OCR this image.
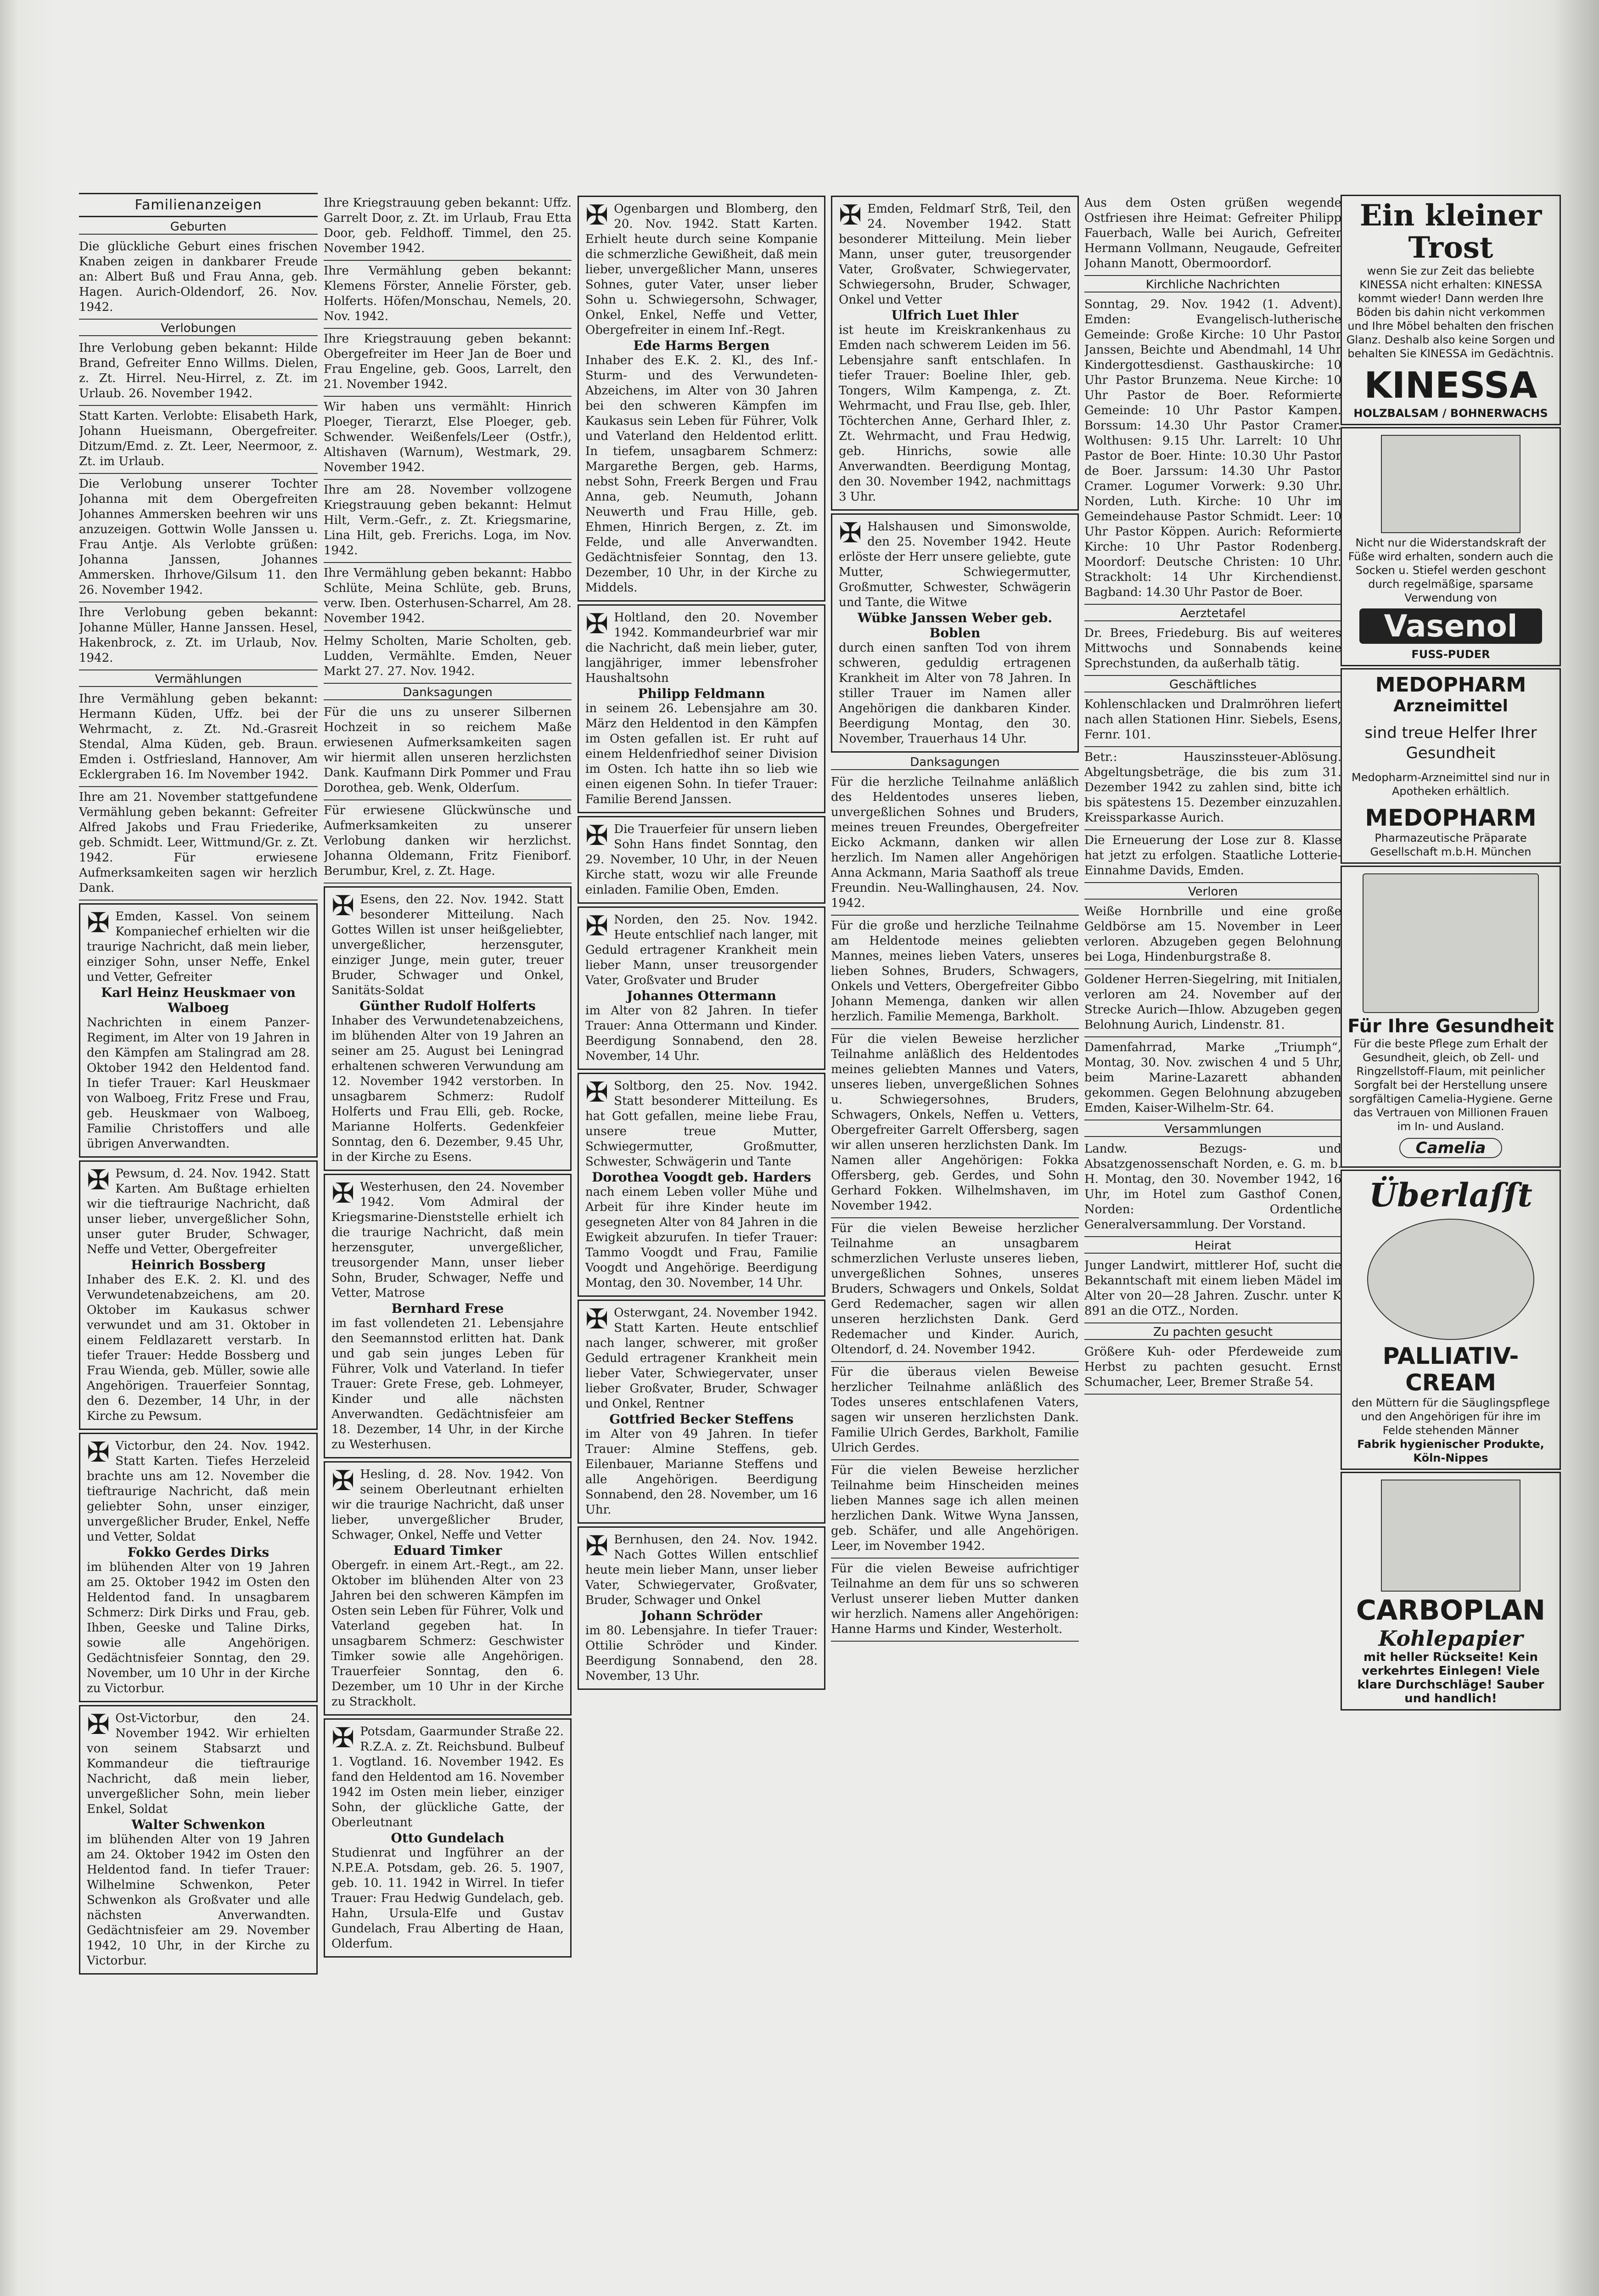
Familienanzeigen
Geburten
Die glückliche Geburt eines frischen Knaben zeigen in dankbarer Freude an: Albert Buß und Frau Anna, geb. Hagen. Aurich-Oldendorf, 26. Nov. 1942.
Verlobungen
Ihre Verlobung geben bekannt: Hilde Brand, Gefreiter Enno Willms. Dielen, z. Zt. Hirrel. Neu-Hirrel, z. Zt. im Urlaub. 26. November 1942.
Statt Karten. Verlobte: Elisabeth Hark, Johann Hueismann, Obergefreiter. Ditzum/Emd. z. Zt. Leer, Neermoor, z. Zt. im Urlaub.
Die Verlobung unserer Tochter Johanna mit dem Obergefreiten Johannes Ammersken beehren wir uns anzuzeigen. Gottwin Wolle Janssen u. Frau Antje. Als Verlobte grüßen: Johanna Janssen, Johannes Ammersken. Ihrhove/Gilsum 11. den 26. November 1942.
Ihre Verlobung geben bekannt: Johanne Müller, Hanne Janssen. Hesel, Hakenbrock, z. Zt. im Urlaub, Nov. 1942.
Vermählungen
Ihre Vermählung geben bekannt: Hermann Küden, Uffz. bei der Wehrmacht, z. Zt. Nd.-Grasreit Stendal, Alma Küden, geb. Braun. Emden i. Ostfriesland, Hannover, Am Ecklergraben 16. Im November 1942.
Ihre am 21. November stattgefundene Vermählung geben bekannt: Gefreiter Alfred Jakobs und Frau Friederike, geb. Schmidt. Leer, Wittmund/Gr. z. Zt. 1942. Für erwiesene Aufmerksamkeiten sagen wir herzlich Dank.
✠ Emden, Kassel. Von seinem Kompaniechef erhielten wir die traurige Nachricht, daß mein lieber, einziger Sohn, unser Neffe, Enkel und Vetter, Gefreiter
Karl Heinz Heuskmaer von Walboeg
Nachrichten in einem Panzer-Regiment, im Alter von 19 Jahren in den Kämpfen am Stalingrad am 28. Oktober 1942 den Heldentod fand. In tiefer Trauer: Karl Heuskmaer von Walboeg, Fritz Frese und Frau, geb. Heuskmaer von Walboeg, Familie Christoffers und alle übrigen Anverwandten.
✠ Pewsum, d. 24. Nov. 1942. Statt Karten. Am Bußtage erhielten wir die tieftraurige Nachricht, daß unser lieber, unvergeßlicher Sohn, unser guter Bruder, Schwager, Neffe und Vetter, Obergefreiter
Heinrich Bossberg
Inhaber des E.K. 2. Kl. und des Verwundetenabzeichens, am 20. Oktober im Kaukasus schwer verwundet und am 31. Oktober in einem Feldlazarett verstarb. In tiefer Trauer: Hedde Bossberg und Frau Wienda, geb. Müller, sowie alle Angehörigen. Trauerfeier Sonntag, den 6. Dezember, 14 Uhr, in der Kirche zu Pewsum.
✠ Victorbur, den 24. Nov. 1942. Statt Karten. Tiefes Herzeleid brachte uns am 12. November die tieftraurige Nachricht, daß mein geliebter Sohn, unser einziger, unvergeßlicher Bruder, Enkel, Neffe und Vetter, Soldat
Fokko Gerdes Dirks
im blühenden Alter von 19 Jahren am 25. Oktober 1942 im Osten den Heldentod fand. In unsagbarem Schmerz: Dirk Dirks und Frau, geb. Ihben, Geeske und Taline Dirks, sowie alle Angehörigen. Gedächtnisfeier Sonntag, den 29. November, um 10 Uhr in der Kirche zu Victorbur.
✠ Ost-Victorbur, den 24. November 1942. Wir erhielten von seinem Stabsarzt und Kommandeur die tieftraurige Nachricht, daß mein lieber, unvergeßlicher Sohn, mein lieber Enkel, Soldat
Walter Schwenkon
im blühenden Alter von 19 Jahren am 24. Oktober 1942 im Osten den Heldentod fand. In tiefer Trauer: Wilhelmine Schwenkon, Peter Schwenkon als Großvater und alle nächsten Anverwandten. Gedächtnisfeier am 29. November 1942, 10 Uhr, in der Kirche zu Victorbur.
Ihre Kriegstrauung geben bekannt: Uffz. Garrelt Door, z. Zt. im Urlaub, Frau Etta Door, geb. Feldhoff. Timmel, den 25. November 1942.
Ihre Vermählung geben bekannt: Klemens Förster, Annelie Förster, geb. Holferts. Höfen/Monschau, Nemels, 20. Nov. 1942.
Ihre Kriegstrauung geben bekannt: Obergefreiter im Heer Jan de Boer und Frau Engeline, geb. Goos, Larrelt, den 21. November 1942.
Wir haben uns vermählt: Hinrich Ploeger, Tierarzt, Else Ploeger, geb. Schwender. Weißenfels/Leer (Ostfr.), Altishaven (Warnum), Westmark, 29. November 1942.
Ihre am 28. November vollzogene Kriegstrauung geben bekannt: Helmut Hilt, Verm.-Gefr., z. Zt. Kriegsmarine, Lina Hilt, geb. Frerichs. Loga, im Nov. 1942.
Ihre Vermählung geben bekannt: Habbo Schlüte, Meina Schlüte, geb. Bruns, verw. Iben. Osterhusen-Scharrel, Am 28. November 1942.
Helmy Scholten, Marie Scholten, geb. Ludden, Vermählte. Emden, Neuer Markt 27. 27. Nov. 1942.
Danksagungen
Für die uns zu unserer Silbernen Hochzeit in so reichem Maße erwiesenen Aufmerksamkeiten sagen wir hiermit allen unseren herzlichsten Dank. Kaufmann Dirk Pommer und Frau Dorothea, geb. Wenk, Olderſum.
Für erwiesene Glückwünsche und Aufmerksamkeiten zu unserer Verlobung danken wir herzlichst. Johanna Oldemann, Fritz Fieniborf. Berumbur, Krel, z. Zt. Hage.
✠ Esens, den 22. Nov. 1942. Statt besonderer Mitteilung. Nach Gottes Willen ist unser heißgeliebter, unvergeßlicher, herzensguter, einziger Junge, mein guter, treuer Bruder, Schwager und Onkel, Sanitäts-Soldat
Günther Rudolf Holferts
Inhaber des Verwundetenabzeichens, im blühenden Alter von 19 Jahren an seiner am 25. August bei Leningrad erhaltenen schweren Verwundung am 12. November 1942 verstorben. In unsagbarem Schmerz: Rudolf Holferts und Frau Elli, geb. Rocke, Marianne Holferts. Gedenkfeier Sonntag, den 6. Dezember, 9.45 Uhr, in der Kirche zu Esens.
✠ Westerhusen, den 24. November 1942. Vom Admiral der Kriegsmarine-Dienststelle erhielt ich die traurige Nachricht, daß mein herzensguter, unvergeßlicher, treusorgender Mann, unser lieber Sohn, Bruder, Schwager, Neffe und Vetter, Matrose
Bernhard Frese
im fast vollendeten 21. Lebensjahre den Seemannstod erlitten hat. Dank und gab sein junges Leben für Führer, Volk und Vaterland. In tiefer Trauer: Grete Frese, geb. Lohmeyer, Kinder und alle nächsten Anverwandten. Gedächtnisfeier am 18. Dezember, 14 Uhr, in der Kirche zu Westerhusen.
✠ Hesling, d. 28. Nov. 1942. Von seinem Oberleutnant erhielten wir die traurige Nachricht, daß unser lieber, unvergeßlicher Bruder, Schwager, Onkel, Neffe und Vetter
Eduard Timker
Obergefr. in einem Art.-Regt., am 22. Oktober im blühenden Alter von 23 Jahren bei den schweren Kämpfen im Osten sein Leben für Führer, Volk und Vaterland gegeben hat. In unsagbarem Schmerz: Geschwister Timker sowie alle Angehörigen. Trauerfeier Sonntag, den 6. Dezember, um 10 Uhr in der Kirche zu Strackholt.
✠ Potsdam, Gaarmunder Straße 22. R.Z.A. z. Zt. Reichsbund. Bulbeuf 1. Vogtland. 16. November 1942. Es fand den Heldentod am 16. November 1942 im Osten mein lieber, einziger Sohn, der glückliche Gatte, der Oberleutnant
Otto Gundelach
Studienrat und Ingführer an der N.P.E.A. Potsdam, geb. 26. 5. 1907, geb. 10. 11. 1942 in Wirrel. In tiefer Trauer: Frau Hedwig Gundelach, geb. Hahn, Ursula-Elfe und Gustav Gundelach, Frau Alberting de Haan, Olderfum.
✠ Ogenbargen und Blomberg, den 20. Nov. 1942. Statt Karten. Erhielt heute durch seine Kompanie die schmerzliche Gewißheit, daß mein lieber, unvergeßlicher Mann, unseres Sohnes, guter Vater, unser lieber Sohn u. Schwiegersohn, Schwager, Onkel, Enkel, Neffe und Vetter, Obergefreiter in einem Inf.-Regt.
Ede Harms Bergen
Inhaber des E.K. 2. Kl., des Inf.-Sturm- und des Verwundeten-Abzeichens, im Alter von 30 Jahren bei den schweren Kämpfen im Kaukasus sein Leben für Führer, Volk und Vaterland den Heldentod erlitt. In tiefem, unsagbarem Schmerz: Margarethe Bergen, geb. Harms, nebst Sohn, Freerk Bergen und Frau Anna, geb. Neumuth, Johann Neuwerth und Frau Hille, geb. Ehmen, Hinrich Bergen, z. Zt. im Felde, und alle Anverwandten. Gedächtnisfeier Sonntag, den 13. Dezember, 10 Uhr, in der Kirche zu Middels.
✠ Holtland, den 20. November 1942. Kommandeurbrief war mir die Nachricht, daß mein lieber, guter, langjähriger, immer lebensfroher Haushaltsohn
Philipp Feldmann
in seinem 26. Lebensjahre am 30. März den Heldentod in den Kämpfen im Osten gefallen ist. Er ruht auf einem Heldenfriedhof seiner Division im Osten. Ich hatte ihn so lieb wie einen eigenen Sohn. In tiefer Trauer: Familie Berend Janssen.
✠ Die Trauerfeier für unsern lieben Sohn Hans findet Sonntag, den 29. November, 10 Uhr, in der Neuen Kirche statt, wozu wir alle Freunde einladen. Familie Oben, Emden.
✠ Norden, den 25. Nov. 1942. Heute entschlief nach langer, mit Geduld ertragener Krankheit mein lieber Mann, unser treusorgender Vater, Großvater und Bruder
Johannes Ottermann
im Alter von 82 Jahren. In tiefer Trauer: Anna Ottermann und Kinder. Beerdigung Sonnabend, den 28. November, 14 Uhr.
✠ Soltborg, den 25. Nov. 1942. Statt besonderer Mitteilung. Es hat Gott gefallen, meine liebe Frau, unsere treue Mutter, Schwiegermutter, Großmutter, Schwester, Schwägerin und Tante
Dorothea Voogdt geb. Harders
nach einem Leben voller Mühe und Arbeit für ihre Kinder heute im gesegneten Alter von 84 Jahren in die Ewigkeit abzurufen. In tiefer Trauer: Tammo Voogdt und Frau, Familie Voogdt und Angehörige. Beerdigung Montag, den 30. November, 14 Uhr.
✠ Osterwgant, 24. November 1942. Statt Karten. Heute entschlief nach langer, schwerer, mit großer Geduld ertragener Krankheit mein lieber Vater, Schwiegervater, unser lieber Großvater, Bruder, Schwager und Onkel, Rentner
Gottfried Becker Steffens
im Alter von 49 Jahren. In tiefer Trauer: Almine Steffens, geb. Eilenbauer, Marianne Steffens und alle Angehörigen. Beerdigung Sonnabend, den 28. November, um 16 Uhr.
✠ Bernhusen, den 24. Nov. 1942. Nach Gottes Willen entschlief heute mein lieber Mann, unser lieber Vater, Schwiegervater, Großvater, Bruder, Schwager und Onkel
Johann Schröder
im 80. Lebensjahre. In tiefer Trauer: Ottilie Schröder und Kinder. Beerdigung Sonnabend, den 28. November, 13 Uhr.
✠ Emden, Feldmarſ Strß, Teil, den 24. November 1942. Statt besonderer Mitteilung. Mein lieber Mann, unser guter, treusorgender Vater, Großvater, Schwiegervater, Schwiegersohn, Bruder, Schwager, Onkel und Vetter
Ulfrich Luet Ihler
ist heute im Kreiskrankenhaus zu Emden nach schwerem Leiden im 56. Lebensjahre sanft entschlafen. In tiefer Trauer: Boeline Ihler, geb. Tongers, Wilm Kampenga, z. Zt. Wehrmacht, und Frau Ilse, geb. Ihler, Töchterchen Anne, Gerhard Ihler, z. Zt. Wehrmacht, und Frau Hedwig, geb. Hinrichs, sowie alle Anverwandten. Beerdigung Montag, den 30. November 1942, nachmittags 3 Uhr.
✠ Halshausen und Simonswolde, den 25. November 1942. Heute erlöste der Herr unsere geliebte, gute Mutter, Schwiegermutter, Großmutter, Schwester, Schwägerin und Tante, die Witwe
Wübke Janssen Weber geb. Boblen
durch einen sanften Tod von ihrem schweren, geduldig ertragenen Krankheit im Alter von 78 Jahren. In stiller Trauer im Namen aller Angehörigen die dankbaren Kinder. Beerdigung Montag, den 30. November, Trauerhaus 14 Uhr.
Danksagungen
Für die herzliche Teilnahme anläßlich des Heldentodes unseres lieben, unvergeßlichen Sohnes und Bruders, meines treuen Freundes, Obergefreiter Eicko Ackmann, danken wir allen herzlich. Im Namen aller Angehörigen Anna Ackmann, Maria Saathoff als treue Freundin. Neu-Wallinghausen, 24. Nov. 1942.
Für die große und herzliche Teilnahme am Heldentode meines geliebten Mannes, meines lieben Vaters, unseres lieben Sohnes, Bruders, Schwagers, Onkels und Vetters, Obergefreiter Gibbo Johann Memenga, danken wir allen herzlich. Familie Memenga, Barkholt.
Für die vielen Beweise herzlicher Teilnahme anläßlich des Heldentodes meines geliebten Mannes und Vaters, unseres lieben, unvergeßlichen Sohnes u. Schwiegersohnes, Bruders, Schwagers, Onkels, Neffen u. Vetters, Obergefreiter Garrelt Offersberg, sagen wir allen unseren herzlichsten Dank. Im Namen aller Angehörigen: Fokka Offersberg, geb. Gerdes, und Sohn Gerhard Fokken. Wilhelmshaven, im November 1942.
Für die vielen Beweise herzlicher Teilnahme an unsagbarem schmerzlichen Verluste unseres lieben, unvergeßlichen Sohnes, unseres Bruders, Schwagers und Onkels, Soldat Gerd Redemacher, sagen wir allen unseren herzlichsten Dank. Gerd Redemacher und Kinder. Aurich, Oltendorf, d. 24. November 1942.
Für die überaus vielen Beweise herzlicher Teilnahme anläßlich des Todes unseres entschlafenen Vaters, sagen wir unseren herzlichsten Dank. Familie Ulrich Gerdes, Barkholt, Familie Ulrich Gerdes.
Für die vielen Beweise herzlicher Teilnahme beim Hinscheiden meines lieben Mannes sage ich allen meinen herzlichen Dank. Witwe Wyna Janssen, geb. Schäfer, und alle Angehörigen. Leer, im November 1942.
Für die vielen Beweise aufrichtiger Teilnahme an dem für uns so schweren Verlust unserer lieben Mutter danken wir herzlich. Namens aller Angehörigen: Hanne Harms und Kinder, Westerholt.
Aus dem Osten grüßen wegende Ostfriesen ihre Heimat: Gefreiter Philipp Fauerbach, Walle bei Aurich, Gefreiter Hermann Vollmann, Neugaude, Gefreiter Johann Manott, Obermoordorf.
Kirchliche Nachrichten
Sonntag, 29. Nov. 1942 (1. Advent). Emden: Evangelisch-lutherische Gemeinde: Große Kirche: 10 Uhr Pastor Janssen, Beichte und Abendmahl, 14 Uhr Kindergottesdienst. Gasthauskirche: 10 Uhr Pastor Brunzema. Neue Kirche: 10 Uhr Pastor de Boer. Reformierte Gemeinde: 10 Uhr Pastor Kampen. Borssum: 14.30 Uhr Pastor Cramer. Wolthusen: 9.15 Uhr. Larrelt: 10 Uhr Pastor de Boer. Hinte: 10.30 Uhr Pastor de Boer. Jarssum: 14.30 Uhr Pastor Cramer. Logumer Vorwerk: 9.30 Uhr. Norden, Luth. Kirche: 10 Uhr im Gemeindehause Pastor Schmidt. Leer: 10 Uhr Pastor Köppen. Aurich: Reformierte Kirche: 10 Uhr Pastor Rodenberg. Moordorf: Deutsche Christen: 10 Uhr. Strackholt: 14 Uhr Kirchendienst. Bagband: 14.30 Uhr Pastor de Boer.
Aerztetafel
Dr. Brees, Friedeburg. Bis auf weiteres Mittwochs und Sonnabends keine Sprechstunden, da außerhalb tätig.
Geschäftliches
Kohlenschlacken und Dralmröhren liefert nach allen Stationen Hinr. Siebels, Esens, Fernr. 101.
Betr.: Hauszinssteuer-Ablösung. Abgeltungsbeträge, die bis zum 31. Dezember 1942 zu zahlen sind, bitte ich bis spätestens 15. Dezember einzuzahlen. Kreissparkasse Aurich.
Die Erneuerung der Lose zur 8. Klasse hat jetzt zu erfolgen. Staatliche Lotterie-Einnahme Davids, Emden.
Verloren
Weiße Hornbrille und eine große Geldbörse am 15. November in Leer verloren. Abzugeben gegen Belohnung bei Loga, Hindenburgstraße 8.
Goldener Herren-Siegelring, mit Initialen, verloren am 24. November auf der Strecke Aurich—Ihlow. Abzugeben gegen Belohnung Aurich, Lindenstr. 81.
Damenfahrrad, Marke „Triumph“, Montag, 30. Nov. zwischen 4 und 5 Uhr, beim Marine-Lazarett abhanden gekommen. Gegen Belohnung abzugeben Emden, Kaiser-Wilhelm-Str. 64.
Versammlungen
Landw. Bezugs- und Absatzgenossenschaft Norden, e. G. m. b. H. Montag, den 30. November 1942, 16 Uhr, im Hotel zum Gasthof Conen, Norden: Ordentliche Generalversammlung. Der Vorstand.
Heirat
Junger Landwirt, mittlerer Hof, sucht die Bekanntschaft mit einem lieben Mädel im Alter von 20—28 Jahren. Zuschr. unter K 891 an die OTZ., Norden.
Zu pachten gesucht
Größere Kuh- oder Pferdeweide zum Herbst zu pachten gesucht. Ernst Schumacher, Leer, Bremer Straße 54.
Ein kleiner Trost
wenn Sie zur Zeit das beliebte KINESSA nicht erhalten: KINESSA kommt wieder! Dann werden Ihre Böden bis dahin nicht verkommen und Ihre Möbel behalten den frischen Glanz. Deshalb also keine Sorgen und behalten Sie KINESSA im Gedächtnis.
KINESSA
HOLZBALSAM / BOHNERWACHS
Nicht nur die Widerstandskraft der Füße wird erhalten, sondern auch die Socken u. Stiefel werden geschont durch regelmäßige, sparsame Verwendung von
Vasenol
FUSS-PUDER
MEDOPHARM
Arzneimittel
sind treue Helfer Ihrer Gesundheit
Medopharm-Arzneimittel sind nur in Apotheken erhältlich.
MEDOPHARM
Pharmazeutische Präparate Gesellschaft m.b.H. München
Für Ihre Gesundheit
Für die beste Pflege zum Erhalt der Gesundheit, gleich, ob Zell- und Ringzellstoff-Flaum, mit peinlicher Sorgfalt bei der Herstellung unsere sorgfältigen Camelia-Hygiene. Gerne das Vertrauen von Millionen Frauen im In- und Ausland.
Camelia
Überlaſſt
PALLIATIV-CREAM
den Müttern für die Säuglingspflege und den Angehörigen für ihre im Felde stehenden Männer
Fabrik hygienischer Produkte, Köln-Nippes
CARBOPLAN
Kohlepapier
mit heller Rückseite! Kein verkehrtes Einlegen! Viele klare Durchschläge! Sauber und handlich!
